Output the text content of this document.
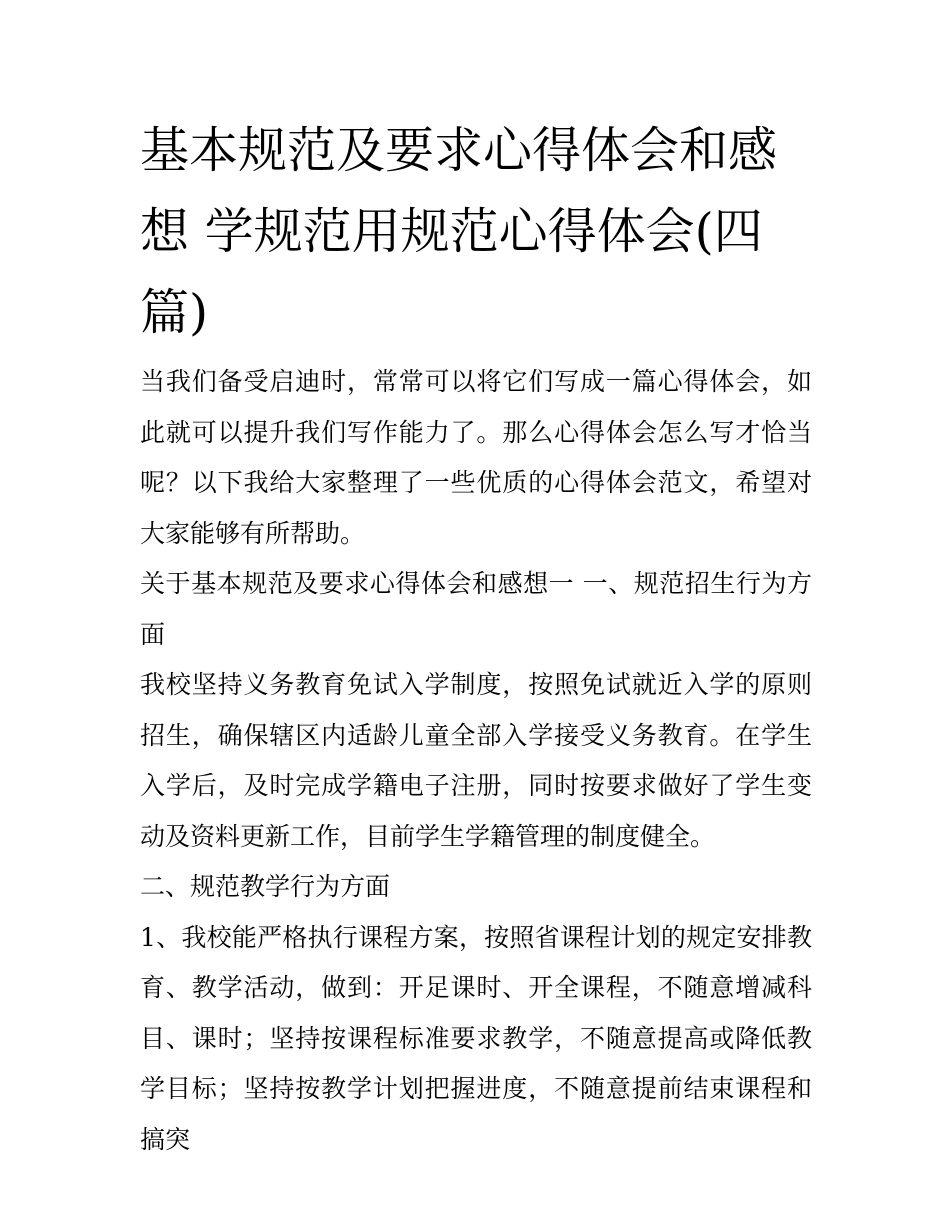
基本规范及要求心得体会和感想 学规范用规范心得体会(四篇)

当我们备受启迪时，常常可以将它们写成一篇心得体会，如此就可以提升我们写作能力了。那么心得体会怎么写才恰当呢？以下我给大家整理了一些优质的心得体会范文，希望对大家能够有所帮助。

关于基本规范及要求心得体会和感想一 一、规范招生行为方面

我校坚持义务教育免试入学制度，按照免试就近入学的原则招生，确保辖区内适龄儿童全部入学接受义务教育。在学生入学后，及时完成学籍电子注册，同时按要求做好了学生变动及资料更新工作，目前学生学籍管理的制度健全。

二、规范教学行为方面

1、我校能严格执行课程方案，按照省课程计划的规定安排教育、教学活动，做到：开足课时、开全课程，不随意增减科目、课时；坚持按课程标准要求教学，不随意提高或降低教学目标；坚持按教学计划把握进度，不随意提前结束课程和搞突
